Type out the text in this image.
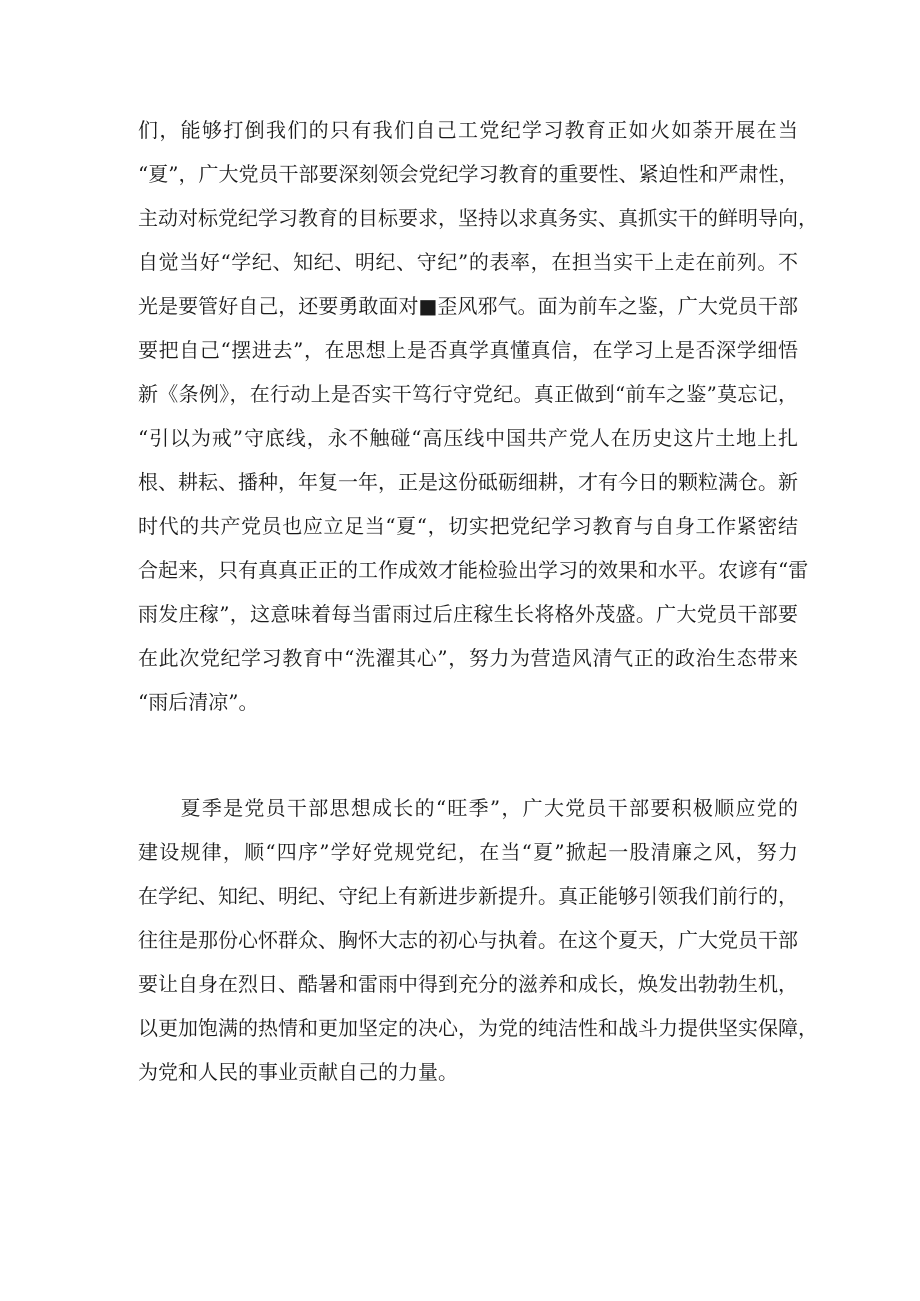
们，能够打倒我们的只有我们自己工党纪学习教育正如火如荼开展在当
“夏”，广大党员干部要深刻领会党纪学习教育的重要性、紧迫性和严肃性，
主动对标党纪学习教育的目标要求，坚持以求真务实、真抓实干的鲜明导向，
自觉当好“学纪、知纪、明纪、守纪”的表率，在担当实干上走在前列。不
光是要管好自己，还要勇敢面对■歪风邪气。面为前车之鉴，广大党员干部
要把自己“摆进去”，在思想上是否真学真懂真信，在学习上是否深学细悟
新《条例》，在行动上是否实干笃行守党纪。真正做到“前车之鉴”莫忘记，
“引以为戒”守底线，永不触碰“高压线中国共产党人在历史这片土地上扎
根、耕耘、播种，年复一年，正是这份砥砺细耕，才有今日的颗粒满仓。新
时代的共产党员也应立足当“夏“，切实把党纪学习教育与自身工作紧密结
合起来，只有真真正正的工作成效才能检验出学习的效果和水平。农谚有“雷
雨发庄稼”，这意味着每当雷雨过后庄稼生长将格外茂盛。广大党员干部要
在此次党纪学习教育中“洗濯其心”，努力为营造风清气正的政治生态带来
“雨后清凉”。
　　夏季是党员干部思想成长的“旺季”，广大党员干部要积极顺应党的
建设规律，顺“四序”学好党规党纪，在当“夏”掀起一股清廉之风，努力
在学纪、知纪、明纪、守纪上有新进步新提升。真正能够引领我们前行的，
往往是那份心怀群众、胸怀大志的初心与执着。在这个夏天，广大党员干部
要让自身在烈日、酷暑和雷雨中得到充分的滋养和成长，焕发出勃勃生机，
以更加饱满的热情和更加坚定的决心，为党的纯洁性和战斗力提供坚实保障，
为党和人民的事业贡献自己的力量。
